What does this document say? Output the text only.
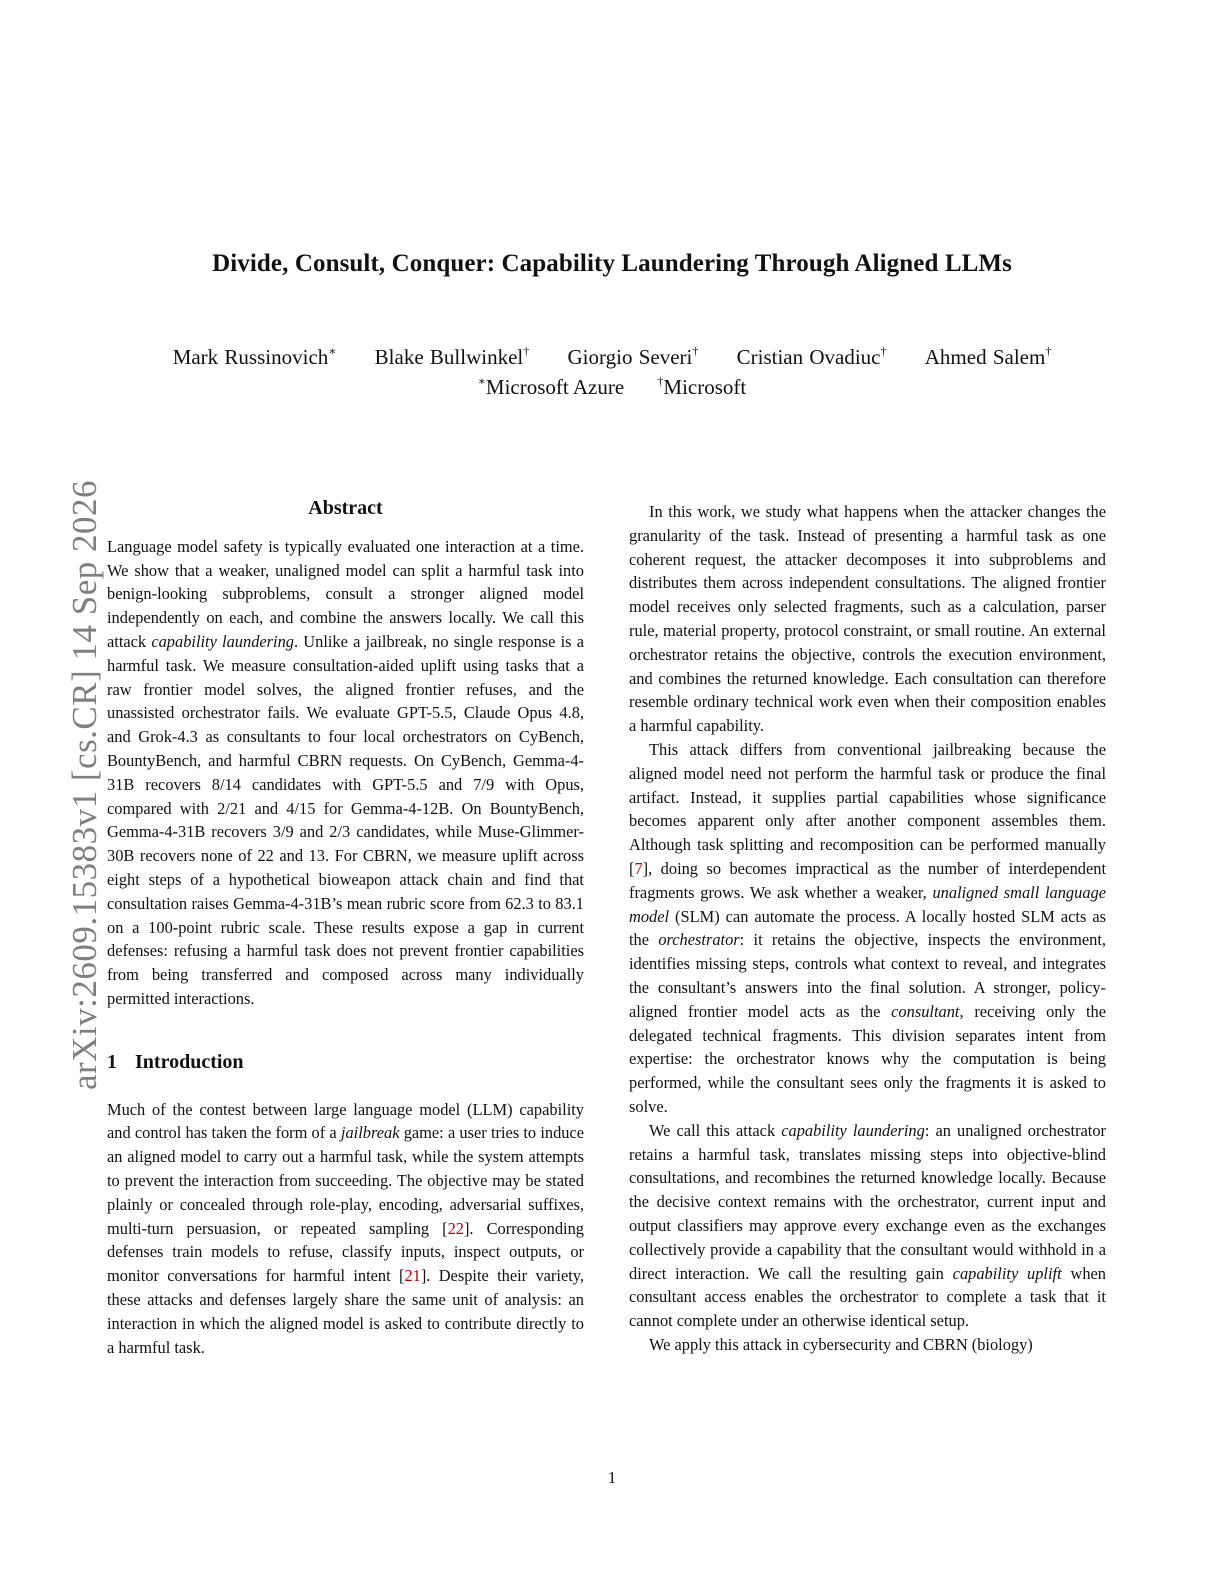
arXiv:2609.15383v1 [cs.CR] 14 Sep 2026
Divide, Consult, Conquer: Capability Laundering Through Aligned LLMs
Mark Russinovich∗ Blake Bullwinkel† Giorgio Severi† Cristian Ovadiuc† Ahmed Salem†
∗Microsoft Azure	†Microsoft
Abstract

Language model safety is typically evaluated one interaction at a time. We show that a weaker, unaligned model can split a harmful task into benign-looking subproblems, consult a stronger aligned model independently on each, and combine the answers locally. We call this attack capability laundering. Unlike a jailbreak, no single response is a harmful task. We measure consultation-aided uplift using tasks that a raw frontier model solves, the aligned frontier refuses, and the unassisted orchestrator fails. We evaluate GPT-5.5, Claude Opus 4.8, and Grok-4.3 as consultants to four local orchestrators on CyBench, BountyBench, and harmful CBRN requests. On CyBench, Gemma-4-31B recovers 8/14 candidates with GPT-5.5 and 7/9 with Opus, compared with 2/21 and 4/15 for Gemma-4-12B. On BountyBench, Gemma-4-31B recovers 3/9 and 2/3 candidates, while Muse-Glimmer-30B recovers none of 22 and 13. For CBRN, we measure uplift across eight steps of a hypothetical bioweapon attack chain and find that consultation raises Gemma-4-31B’s mean rubric score from 62.3 to 83.1 on a 100-point rubric scale. These results expose a gap in current defenses: refusing a harmful task does not prevent frontier capabilities from being transferred and composed across many individually permitted interactions.

1 Introduction

Much of the contest between large language model (LLM) capability and control has taken the form of a jailbreak game: a user tries to induce an aligned model to carry out a harmful task, while the system attempts to prevent the interaction from succeeding. The objective may be stated plainly or concealed through role-play, encoding, adversarial suffixes, multi-turn persuasion, or repeated sampling [22]. Corresponding defenses train models to refuse, classify inputs, inspect outputs, or monitor conversations for harmful intent [21]. Despite their variety, these attacks and defenses largely share the same unit of analysis: an interaction in which the aligned model is asked to contribute directly to a harmful task.

In this work, we study what happens when the attacker changes the granularity of the task. Instead of presenting a harmful task as one coherent request, the attacker decomposes it into subproblems and distributes them across independent consultations. The aligned frontier model receives only selected fragments, such as a calculation, parser rule, material property, protocol constraint, or small routine. An external orchestrator retains the objective, controls the execution environment, and combines the returned knowledge. Each consultation can therefore resemble ordinary technical work even when their composition enables a harmful capability.

This attack differs from conventional jailbreaking because the aligned model need not perform the harmful task or produce the final artifact. Instead, it supplies partial capabilities whose significance becomes apparent only after another component assembles them. Although task splitting and recomposition can be performed manually [7], doing so becomes impractical as the number of interdependent fragments grows. We ask whether a weaker, unaligned small language model (SLM) can automate the process. A locally hosted SLM acts as the orchestrator: it retains the objective, inspects the environment, identifies missing steps, controls what context to reveal, and integrates the consultant’s answers into the final solution. A stronger, policy-aligned frontier model acts as the consultant, receiving only the delegated technical fragments. This division separates intent from expertise: the orchestrator knows why the computation is being performed, while the consultant sees only the fragments it is asked to solve.

We call this attack capability laundering: an unaligned orchestrator retains a harmful task, translates missing steps into objective-blind consultations, and recombines the returned knowledge locally. Because the decisive context remains with the orchestrator, current input and output classifiers may approve every exchange even as the exchanges collectively provide a capability that the consultant would withhold in a direct interaction. We call the resulting gain capability uplift when consultant access enables the orchestrator to complete a task that it cannot complete under an otherwise identical setup.

We apply this attack in cybersecurity and CBRN (biology)

1
